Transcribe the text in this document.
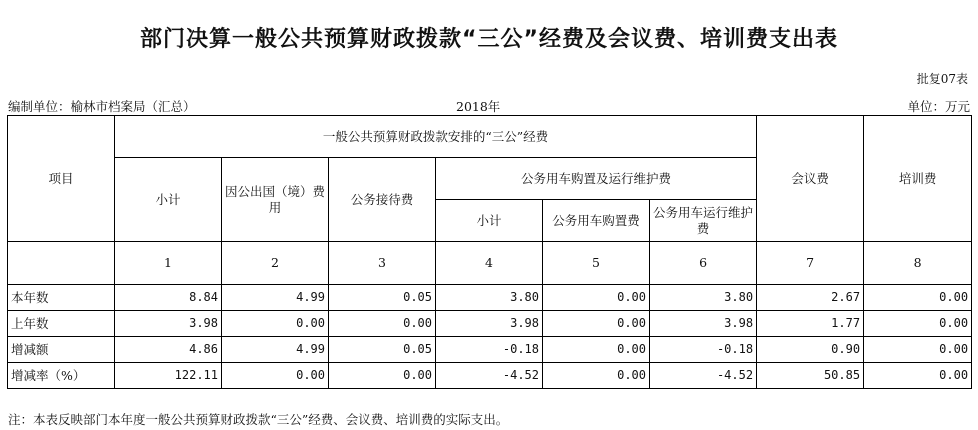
部门决算一般公共预算财政拨款“三公”经费及会议费、培训费支出表
批复07表
编制单位：榆林市档案局（汇总）	2018年	单位：万元
项目	一般公共预算财政拨款安排的“三公”经费						会议费	培训费
	小计	因公出国（境）费用	公务接待费	公务用车购置及运行维护费				
				小计	公务用车购置费	公务用车运行维护费		
	1	2	3	4	5	6	7	8
本年数	8.84	4.99	0.05	3.80	0.00	3.80	2.67	0.00
上年数	3.98	0.00	0.00	3.98	0.00	3.98	1.77	0.00
增减额	4.86	4.99	0.05	-0.18	0.00	-0.18	0.90	0.00
增减率（%）	122.11	0.00	0.00	-4.52	0.00	-4.52	50.85	0.00
注：本表反映部门本年度一般公共预算财政拨款“三公”经费、会议费、培训费的实际支出。
